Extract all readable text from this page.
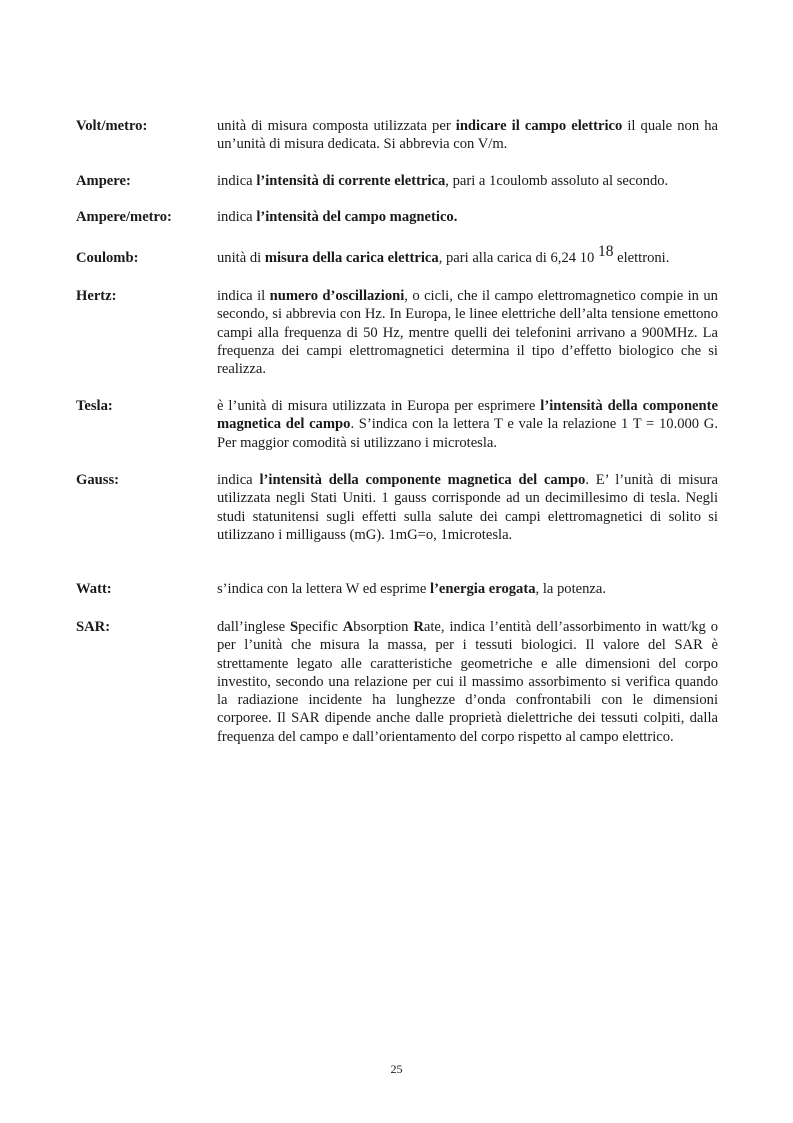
Volt/metro:	unità di misura composta utilizzata per indicare il campo elettrico il quale non ha un’unità di misura dedicata. Si abbrevia con V/m.
Ampere:	indica l’intensità di corrente elettrica, pari a 1coulomb assoluto al secondo.
Ampere/metro:	indica l’intensità del campo magnetico.
Coulomb:	unità di misura della carica elettrica, pari alla carica di 6,24 10 18 elettroni.
Hertz:	indica il numero d’oscillazioni, o cicli, che il campo elettromagnetico compie in un secondo, si abbrevia con Hz. In Europa, le linee elettriche dell’alta tensione emettono campi alla frequenza di 50 Hz, mentre quelli dei telefonini arrivano a 900MHz. La frequenza dei campi elettromagnetici determina il tipo d’effetto biologico che si realizza.
Tesla:	è l’unità di misura utilizzata in Europa per esprimere l’intensità della componente magnetica del campo. S’indica con la lettera T e vale la relazione 1 T = 10.000 G. Per maggior comodità si utilizzano i microtesla.
Gauss:	indica l’intensità della componente magnetica del campo. E’ l’unità di misura utilizzata negli Stati Uniti. 1 gauss corrisponde ad un decimillesimo di tesla. Negli studi statunitensi sugli effetti sulla salute dei campi elettromagnetici di solito si utilizzano i milligauss (mG). 1mG=o, 1microtesla.
Watt:	s’indica con la lettera W ed esprime l’energia erogata, la potenza.
SAR:	dall’inglese Specific Absorption Rate, indica l’entità dell’assorbimento in watt/kg o per l’unità che misura la massa, per i tessuti biologici. Il valore del SAR è strettamente legato alle caratteristiche geometriche e alle dimensioni del corpo investito, secondo una relazione per cui il massimo assorbimento si verifica quando la radiazione incidente ha lunghezze d’onda confrontabili con le dimensioni corporee. Il SAR dipende anche dalle proprietà dielettriche dei tessuti colpiti, dalla frequenza del campo e dall’orientamento del corpo rispetto al campo elettrico.
25
